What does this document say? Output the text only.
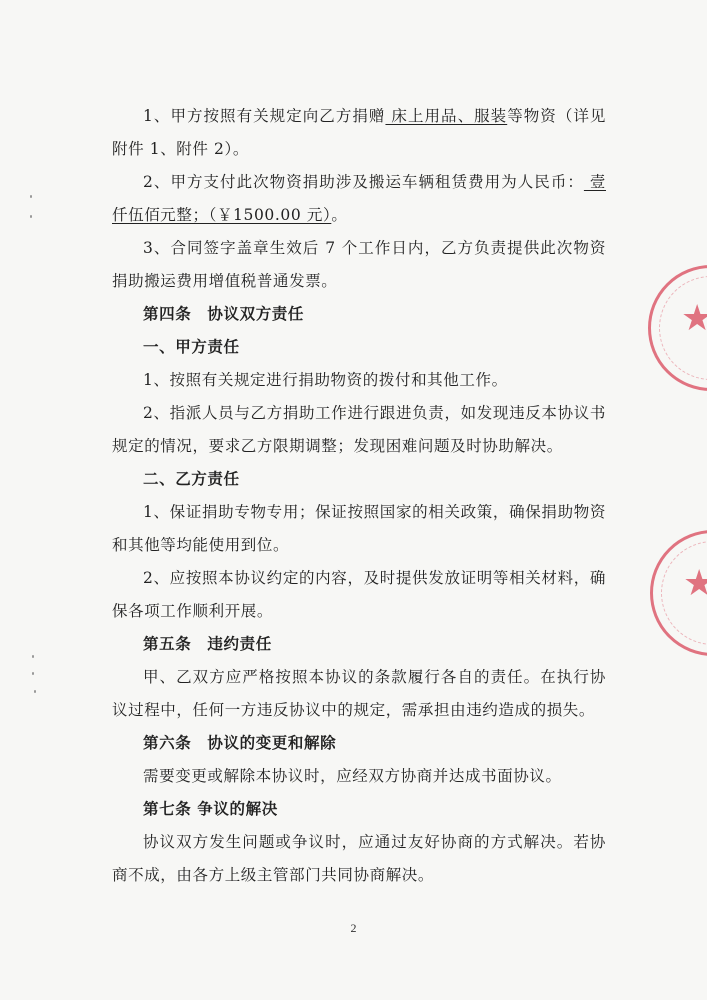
1、甲方按照有关规定向乙方捐赠 床上用品、服装等物资（详见附件 1、附件 2）。

2、甲方支付此次物资捐助涉及搬运车辆租赁费用为人民币： 壹仟伍佰元整；（￥1500.00 元）。

3、合同签字盖章生效后 7 个工作日内，乙方负责提供此次物资捐助搬运费用增值税普通发票。

第四条　协议双方责任

一、甲方责任

1、按照有关规定进行捐助物资的拨付和其他工作。

2、指派人员与乙方捐助工作进行跟进负责，如发现违反本协议书规定的情况，要求乙方限期调整；发现困难问题及时协助解决。

二、乙方责任

1、保证捐助专物专用；保证按照国家的相关政策，确保捐助物资和其他等均能使用到位。

2、应按照本协议约定的内容，及时提供发放证明等相关材料，确保各项工作顺利开展。

第五条　违约责任

甲、乙双方应严格按照本协议的条款履行各自的责任。在执行协议过程中，任何一方违反协议中的规定，需承担由违约造成的损失。

第六条　协议的变更和解除

需要变更或解除本协议时，应经双方协商并达成书面协议。

第七条 争议的解决

协议双方发生问题或争议时，应通过友好协商的方式解决。若协商不成，由各方上级主管部门共同协商解决。

2
★
★
